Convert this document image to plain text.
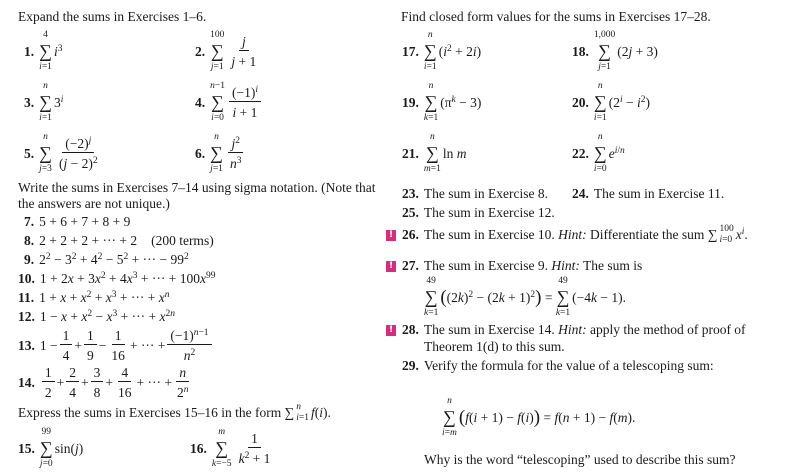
Expand the sums in Exercises 1–6.
1.
4
∑
i=1
$i^3$	2.
100
∑
$j=1 \frac{j}{j + 1}$
3.
n
∑
i=1
3$^i$	4.
n−1
∑
$i=0 \frac{(-1)^i}{i + 1}$
5.
n
∑
$j=3 \frac{(-2)^j}{(j - 2)^2}$	6.
n
∑
$j=1 \frac{j^2}{n^3}$
Write the sums in Exercises 7–14 using sigma notation. (Note that
the answers are not unique.)
7. 5 + 6 + 7 + 8 + 9
8. 2 + 2 + 2 + ··· + 2 (200 terms)
9. $2^2 - 3^2 + 4^2 - 5^2$ + ··· − $99^2$
10. $1 + 2x + 3x^2 + 4x^3$ + ··· + $100x^{99}$
11. $1 + x + x^2 + x^3$ + ··· + $x^n$
12. $1 - x + x^2 - x^3$ + ··· + $x^{2n}$
13. $1 - \frac{1}{4} + \frac{1}{9} - \frac{1}{16}$ + ··· + $\frac{(-1)^{n-1}}{n^2}$
14. $\frac{1}{2} + \frac{2}{4} + \frac{3}{8} + \frac{4}{16}$ + ··· + $\frac{n}{2^n}$
Express the sums in Exercises 15–16 in the form ∑ n
i=1 f(i).
15.
99
∑
j=0
sin(j)	16.
m
∑
$k=-5 \frac{1}{k^2 + 1}$
Find closed form values for the sums in Exercises 17–28.
17.
n
∑
i=1
$(i^2 + 2i)$	18.
1,000
∑
j=1
(2j + 3)
19.
n
∑
k=1
$(\pi^k - 3)$	20.
n
∑
i=1
$(2^i - i^2)$
21.
n
∑
m=1
ln m	22.
n
∑
i=0
$e^{i/n}$
23. The sum in Exercise 8. 24. The sum in Exercise 11.
25. The sum in Exercise 12.
! 26. The sum in Exercise 10. Hint: Differentiate the sum ∑ 100
i=0 $x^i$.
! 27. The sum in Exercise 9. Hint: The sum is
49
∑
k=1
( $(2k)^2 - (2k + 1)^2$ ) =
49
∑
k=1
(−4k − 1).
! 28. The sum in Exercise 14. Hint: apply the method of proof of
Theorem 1(d) to this sum.
29. Verify the formula for the value of a telescoping sum:
n
∑
i=m
( f(i + 1) − f(i) ) = f(n + 1) − f(m).
Why is the word “telescoping” used to describe this sum?
